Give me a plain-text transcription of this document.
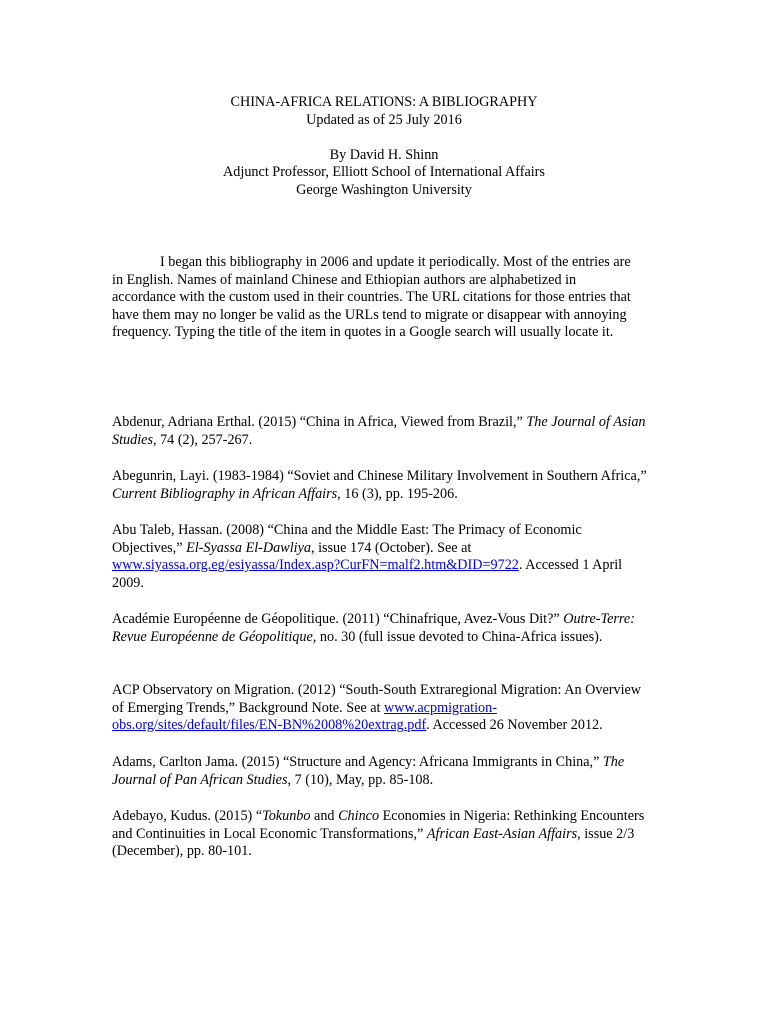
CHINA-AFRICA RELATIONS: A BIBLIOGRAPHY
Updated as of 25 July 2016
By David H. Shinn
Adjunct Professor, Elliott School of International Affairs
George Washington University

I began this bibliography in 2006 and update it periodically. Most of the entries are in English. Names of mainland Chinese and Ethiopian authors are alphabetized in accordance with the custom used in their countries. The URL citations for those entries that have them may no longer be valid as the URLs tend to migrate or disappear with annoying frequency. Typing the title of the item in quotes in a Google search will usually locate it.

Abdenur, Adriana Erthal. (2015) “China in Africa, Viewed from Brazil,” The Journal of Asian Studies, 74 (2), 257-267.

Abegunrin, Layi. (1983-1984) “Soviet and Chinese Military Involvement in Southern Africa,” Current Bibliography in African Affairs, 16 (3), pp. 195-206.

Abu Taleb, Hassan. (2008) “China and the Middle East: The Primacy of Economic Objectives,” El-Syassa El-Dawliya, issue 174 (October). See at www.siyassa.org.eg/esiyassa/Index.asp?CurFN=malf2.htm&DID=9722. Accessed 1 April 2009.

Académie Européenne de Géopolitique. (2011) “Chinafrique, Avez-Vous Dit?” Outre-Terre: Revue Européenne de Géopolitique, no. 30 (full issue devoted to China-Africa issues).

ACP Observatory on Migration. (2012) “South-South Extraregional Migration: An Overview of Emerging Trends,” Background Note. See at www.acpmigration-obs.org/sites/default/files/EN-BN%2008%20extrag.pdf. Accessed 26 November 2012.

Adams, Carlton Jama. (2015) “Structure and Agency: Africana Immigrants in China,” The Journal of Pan African Studies, 7 (10), May, pp. 85-108.

Adebayo, Kudus. (2015) “Tokunbo and Chinco Economies in Nigeria: Rethinking Encounters and Continuities in Local Economic Transformations,” African East-Asian Affairs, issue 2/3 (December), pp. 80-101.
